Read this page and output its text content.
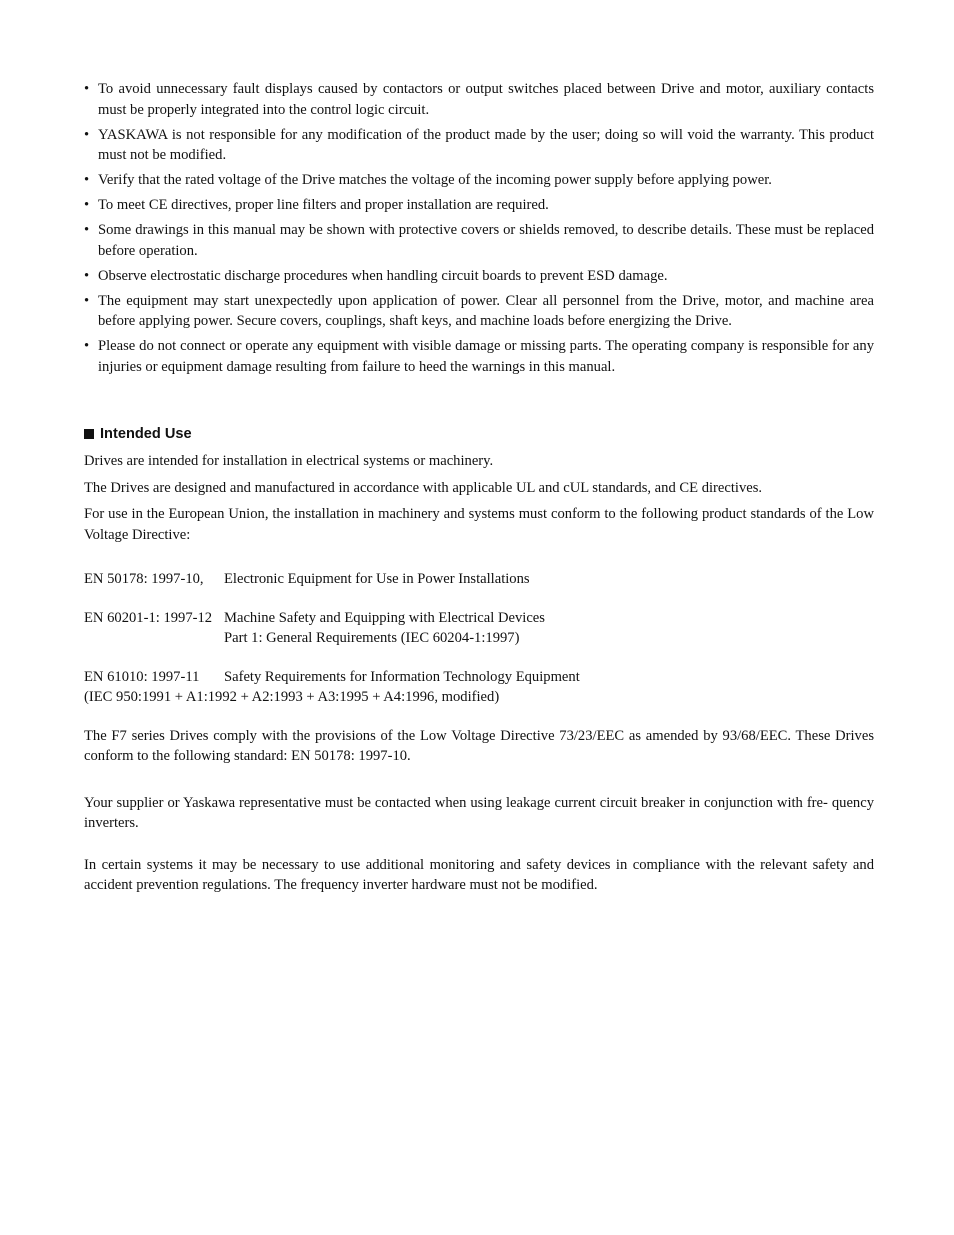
• To avoid unnecessary fault displays caused by contactors or output switches placed between Drive and motor, auxiliary contacts must be properly integrated into the control logic circuit.
• YASKAWA is not responsible for any modification of the product made by the user; doing so will void the warranty. This product must not be modified.
• Verify that the rated voltage of the Drive matches the voltage of the incoming power supply before applying power.
• To meet CE directives, proper line filters and proper installation are required.
• Some drawings in this manual may be shown with protective covers or shields removed, to describe details. These must be replaced before operation.
• Observe electrostatic discharge procedures when handling circuit boards to prevent ESD damage.
• The equipment may start unexpectedly upon application of power. Clear all personnel from the Drive, motor, and machine area before applying power. Secure covers, couplings, shaft keys, and machine loads before energizing the Drive.
• Please do not connect or operate any equipment with visible damage or missing parts. The operating company is responsible for any injuries or equipment damage resulting from failure to heed the warnings in this manual.
Intended Use

Drives are intended for installation in electrical systems or machinery.

The Drives are designed and manufactured in accordance with applicable UL and cUL standards, and CE directives.

For use in the European Union, the installation in machinery and systems must conform to the following product standards of the Low Voltage Directive:

EN 50178: 1997-10,	Electronic Equipment for Use in Power Installations
EN 60201-1: 1997-12 Machine Safety and Equipping with Electrical Devices
Part 1: General Requirements (IEC 60204-1:1997)
EN 61010: 1997-11	Safety Requirements for Information Technology Equipment
(IEC 950:1991 + A1:1992 + A2:1993 + A3:1995 + A4:1996, modified)

The F7 series Drives comply with the provisions of the Low Voltage Directive 73/23/EEC as amended by 93/68/EEC. These Drives conform to the following standard: EN 50178: 1997-10.

Your supplier or Yaskawa representative must be contacted when using leakage current circuit breaker in conjunction with fre- quency inverters.

In certain systems it may be necessary to use additional monitoring and safety devices in compliance with the relevant safety and accident prevention regulations. The frequency inverter hardware must not be modified.
